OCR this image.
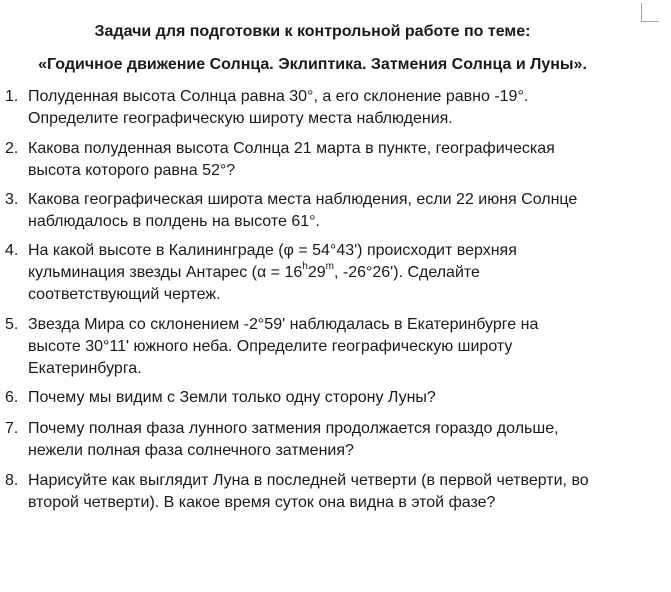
Задачи для подготовки к контрольной работе по теме:
«Годичное движение Солнца. Эклиптика. Затмения Солнца и Луны».
1. Полуденная высота Солнца равна 30°, а его склонение равно -19°.
Определите географическую широту места наблюдения.
2. Какова полуденная высота Солнца 21 марта в пункте, географическая
высота которого равна 52°?
3. Какова географическая широта места наблюдения, если 22 июня Солнце
наблюдалось в полдень на высоте 61°.
4. На какой высоте в Калининграде (φ = 54°43') происходит верхняя
кульминация звезды Антарес ($\alpha = 16^h29^m$, -26°26'). Сделайте
соответствующий чертеж.
5. Звезда Мира со склонением -2°59' наблюдалась в Екатеринбурге на
высоте 30°11' южного неба. Определите географическую широту
Екатеринбурга.
6. Почему мы видим с Земли только одну сторону Луны?
7. Почему полная фаза лунного затмения продолжается гораздо дольше,
нежели полная фаза солнечного затмения?
8. Нарисуйте как выглядит Луна в последней четверти (в первой четверти, во
второй четверти). В какое время суток она видна в этой фазе?
